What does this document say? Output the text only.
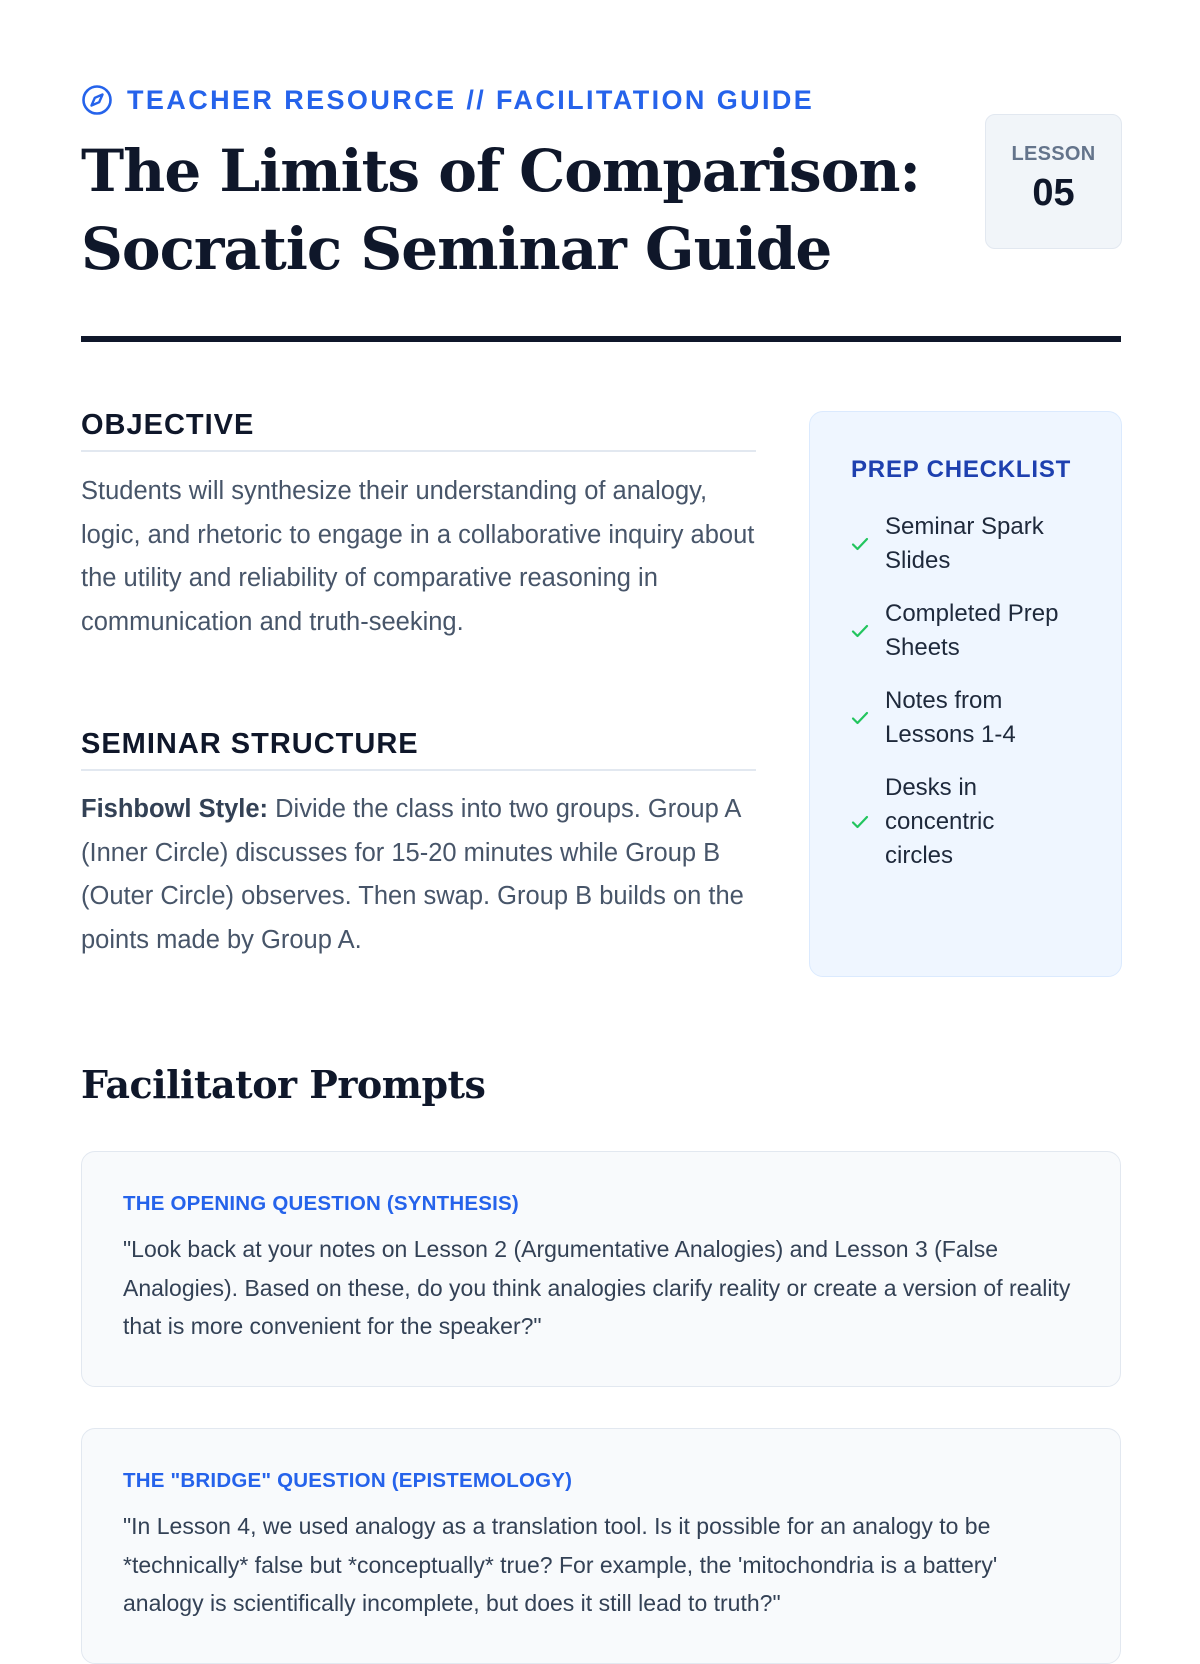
TEACHER RESOURCE // FACILITATION GUIDE
The Limits of Comparison:
Socratic Seminar Guide
LESSON
05
OBJECTIVE

Students will synthesize their understanding of analogy, logic, and rhetoric to engage in a collaborative inquiry about the utility and reliability of comparative reasoning in communication and truth-seeking.

SEMINAR STRUCTURE

Fishbowl Style: Divide the class into two groups. Group A (Inner Circle) discusses for 15-20 minutes while Group B (Outer Circle) observes. Then swap. Group B builds on the points made by Group A.

PREP CHECKLIST
Seminar Spark Slides
Completed Prep Sheets
Notes from Lessons 1-4
Desks in concentric circles
Facilitator Prompts
THE OPENING QUESTION (SYNTHESIS)
"Look back at your notes on Lesson 2 (Argumentative Analogies) and Lesson 3 (False Analogies). Based on these, do you think analogies clarify reality or create a version of reality that is more convenient for the speaker?"
THE "BRIDGE" QUESTION (EPISTEMOLOGY)
"In Lesson 4, we used analogy as a translation tool. Is it possible for an analogy to be *technically* false but *conceptually* true? For example, the 'mitochondria is a battery' analogy is scientifically incomplete, but does it still lead to truth?"
